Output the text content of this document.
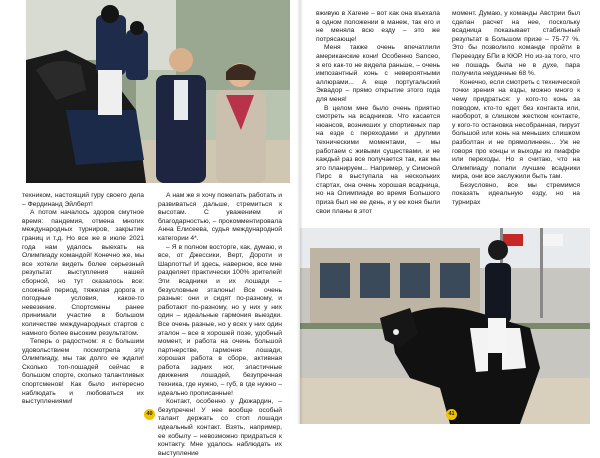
техником, настоящий гуру своего дела – Фердинанд Эйлберт!

А потом началось здоров смутное время: пандемия, отмена многих международных турниров, закрытие границ и т.д. Но все же в июле 2021 года нам удалось выехать на Олимпиаду командой! Конечно же, мы все хотели видеть более серьезный результат выступления нашей сборной, но тут сказалось все: сложный период, тяжелая дорога и погодные условия, какое-то невезение. Спортсмены ранее принимали участие в большом количестве международных стартов с намного более высоким результатом.

Теперь о радостном: я с большим удовольствием посмотрела эту Олимпиаду, мы так долго ее ждали! Сколько топ-лошадей сейчас в большом спорте, сколько талантливых спортсменов! Как было интересно наблюдать и любоваться их выступлениями!

А нам же я хочу пожелать работать и развиваться дальше, стремиться к высотам. С уважением и благодарностью, – прокомментировала Анна Елисеева, судья международной категории 4*.

– Я в полном восторге, как, думаю, и все, от Джессики, Верт, Дороти и Шарлотты! И здесь, наверное, все мне разделяет практически 100% зрителей! Эти всадники и их лошади – безусловные эталоны! Все очень разные: они и сидят по-разному, и работают по-разному, но у них у них один – идеальные гармония выездки. Все очень разные, но у всех у них один эталон – все в хорошей позе, удобный момент, и работа на очень большой партнерстве, гармония лошади, хорошая работа в сборе, активная работа задних ног, эластичные движения лошадей, безупречная техника, где нужно, – губ, в где нужно – идеально прописанные!

Контакт, особенно у Дюжардин, – безупречен! У нее вообще особый талант держать со стоп лошади идеальный контакт. Взять, например, ее кобылу – невозможно придраться к контакту. Мне удалось наблюдать их выступление

40

вживую в Хагене – вот как она въехала в одном положении в манеж, так его и не меняла всю езду – это же потрясающе!

Меня также очень впечатлили американские кони! Особенно Sanceo, я его как-то не видела раньше, – очень импозантный конь с невероятными аллюрами... А еще португальский Эквадор – прямо открытие этого года для меня!

В целом мне было очень приятно смотреть на всадников. Что касается нюансов, возникших у спортивных пар на езде с переходами и другими техническими моментами, – мы работаем с живыми существами, и не каждый раз все получается так, как мы это планируем... Например, у Симоной Пирс в выступала на нескольких стартах, она очень хорошая всадница, но на Олимпиаде во время Большого приза был не ее день, и у ее коня были свои планы в этот

момент. Думаю, у команды Австрии был сделан расчет на нее, поскольку всадница показывает стабильный результат в Большом призе – 75-77 %. Это бы позволило команде пройти в Переездку БПи в КЮР. Но из-за того, что не пошадь была не в духе, пара получила неудачные 68 %.

Конечно, если смотреть с технической точки зрения на езды, можно много к чему придраться: у кого-то конь за поводом, кто-то едет без контакта или, наоборот, в слишком жестком контакте, у кого-то остановка несобранная, пируэт большой или конь на меньших слишком разболтан и не прямолинеен... Уж не говоря про концы и выходы из пиаффе или переходы. Но я считаю, что на Олимпиаду попали лучшие всадники мира, они все заслужили быть там.

Безусловно, все мы стремимся показать идеальную езду, но на турнирах

41
